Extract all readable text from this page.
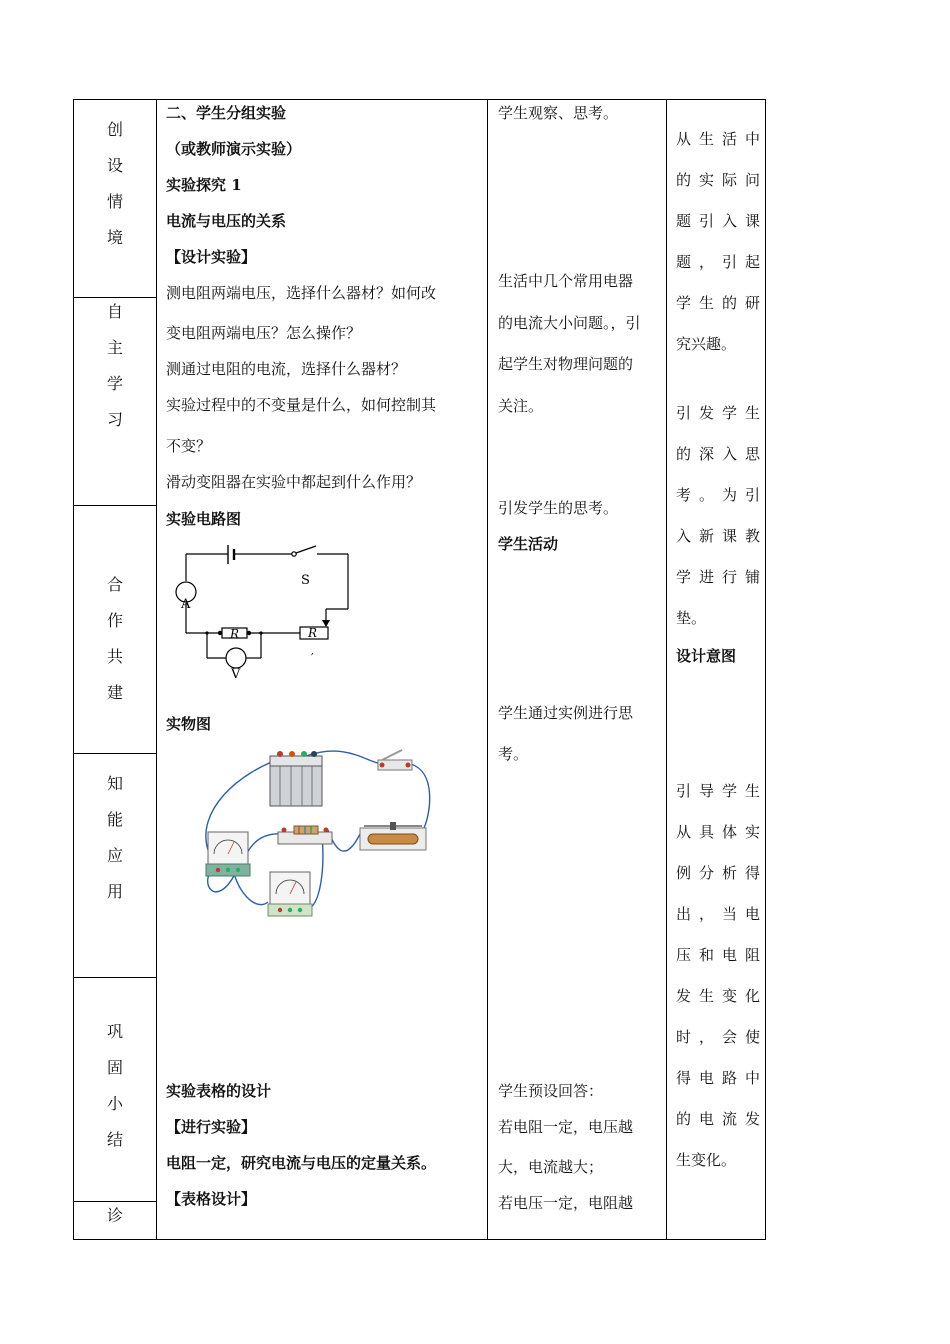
创
设
情
境
自
主
学
习
合
作
共
建
知
能
应
用
巩
固
小
结
诊
二、学生分组实验
（或教师演示实验）
实验探究 1
电流与电压的关系
【设计实验】
测电阻两端电压，选择什么器材？如何改
变电阻两端电压？怎么操作？
测通过电阻的电流，选择什么器材？
实验过程中的不变量是什么，如何控制其
不变？
滑动变阻器在实验中都起到什么作用？
实验电路图
A
S
R	R
′
V
实物图
实验表格的设计
【进行实验】
电阻一定，研究电流与电压的定量关系。
【表格设计】
学生观察、思考。
生活中几个常用电器
的电流大小问题。，引
起学生对物理问题的
关注。
引发学生的思考。
学生活动
学生通过实例进行思
考。
学生预设回答：
若电阻一定，电压越
大，电流越大；
若电压一定，电阻越
从 生 活 中
的 实 际 问
题 引 入 课
题 ， 引 起
学 生 的 研
究兴趣。
引 发 学 生
的 深 入 思
考 。 为 引
入 新 课 教
学 进 行 铺
垫。
设计意图
引 导 学 生
从 具 体 实
例 分 析 得
出 ， 当 电
压 和 电 阻
发 生 变 化
时 ， 会 使
得 电 路 中
的 电 流 发
生变化。
